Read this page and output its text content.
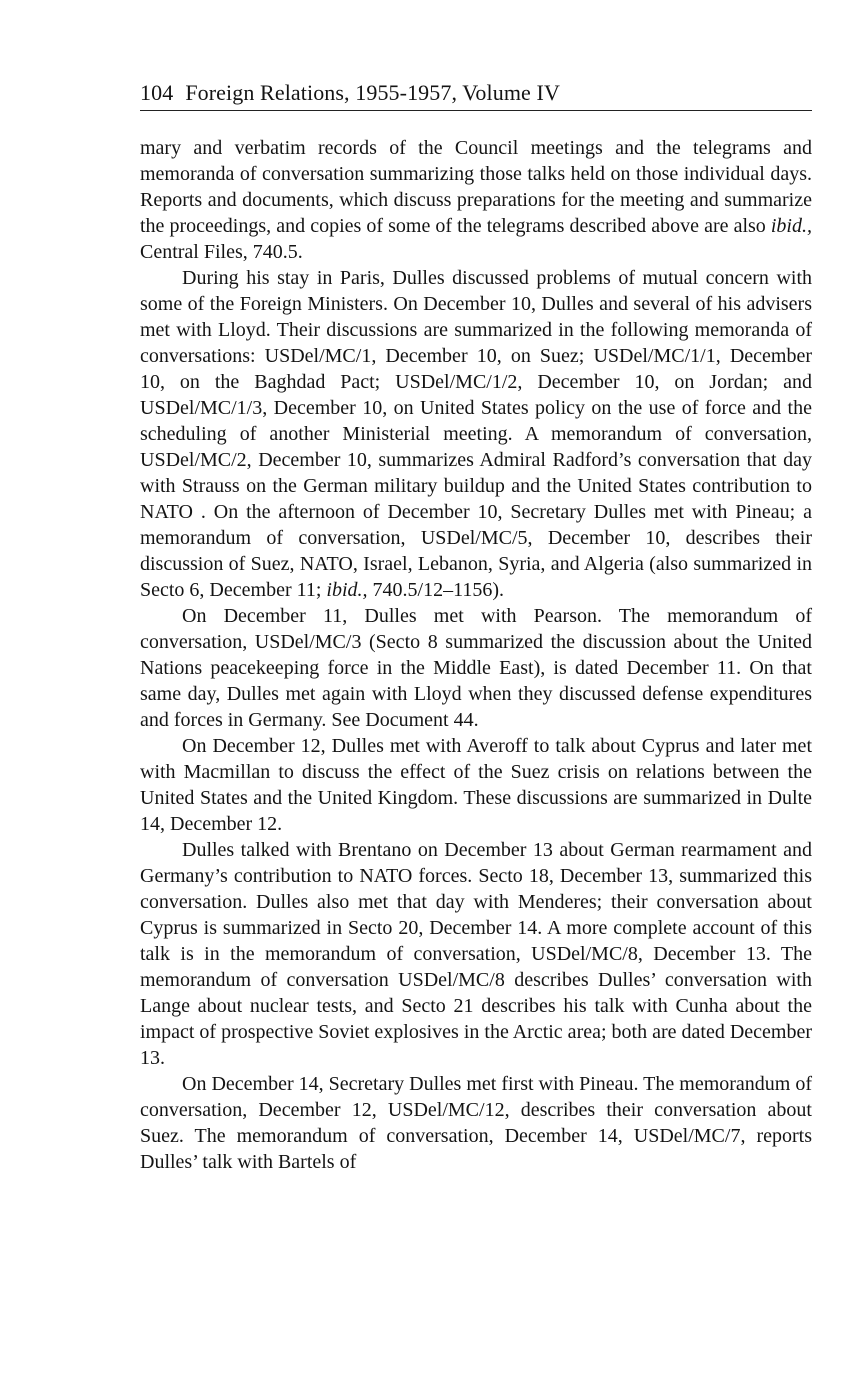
104 Foreign Relations, 1955-1957, Volume IV

mary and verbatim records of the Council meetings and the telegrams and memoranda of conversation summarizing those talks held on those individual days. Reports and documents, which discuss preparations for the meeting and summarize the proceedings, and copies of some of the telegrams described above are also ibid., Central Files, 740.5.

During his stay in Paris, Dulles discussed problems of mutual concern with some of the Foreign Ministers. On December 10, Dulles and several of his advisers met with Lloyd. Their discussions are summarized in the following memoranda of conversations: USDel/MC/1, December 10, on Suez; USDel/MC/1/1, December 10, on the Baghdad Pact; USDel/MC/1/2, December 10, on Jordan; and USDel/MC/1/3, December 10, on United States policy on the use of force and the scheduling of another Ministerial meeting. A memorandum of conversation, USDel/MC/2, December 10, summarizes Admiral Radford’s conversation that day with Strauss on the German military buildup and the United States contribution to NATO . On the afternoon of December 10, Secretary Dulles met with Pineau; a memorandum of conversation, USDel/MC/5, December 10, describes their discussion of Suez, NATO, Israel, Lebanon, Syria, and Algeria (also summarized in Secto 6, December 11; ibid., 740.5/12–1156).

On December 11, Dulles met with Pearson. The memorandum of conversation, USDel/MC/3 (Secto 8 summarized the discussion about the United Nations peacekeeping force in the Middle East), is dated December 11. On that same day, Dulles met again with Lloyd when they discussed defense expenditures and forces in Germany. See Document 44.

On December 12, Dulles met with Averoff to talk about Cyprus and later met with Macmillan to discuss the effect of the Suez crisis on relations between the United States and the United Kingdom. These discussions are summarized in Dulte 14, December 12.

Dulles talked with Brentano on December 13 about German rearmament and Germany’s contribution to NATO forces. Secto 18, December 13, summarized this conversation. Dulles also met that day with Menderes; their conversation about Cyprus is summarized in Secto 20, December 14. A more complete account of this talk is in the memorandum of conversation, USDel/MC/8, December 13. The memorandum of conversation USDel/MC/8 describes Dulles’ conversation with Lange about nuclear tests, and Secto 21 describes his talk with Cunha about the impact of prospective Soviet explosives in the Arctic area; both are dated December 13.

On December 14, Secretary Dulles met first with Pineau. The memorandum of conversation, December 12, USDel/MC/12, describes their conversation about Suez. The memorandum of conversation, December 14, USDel/MC/7, reports Dulles’ talk with Bartels of
